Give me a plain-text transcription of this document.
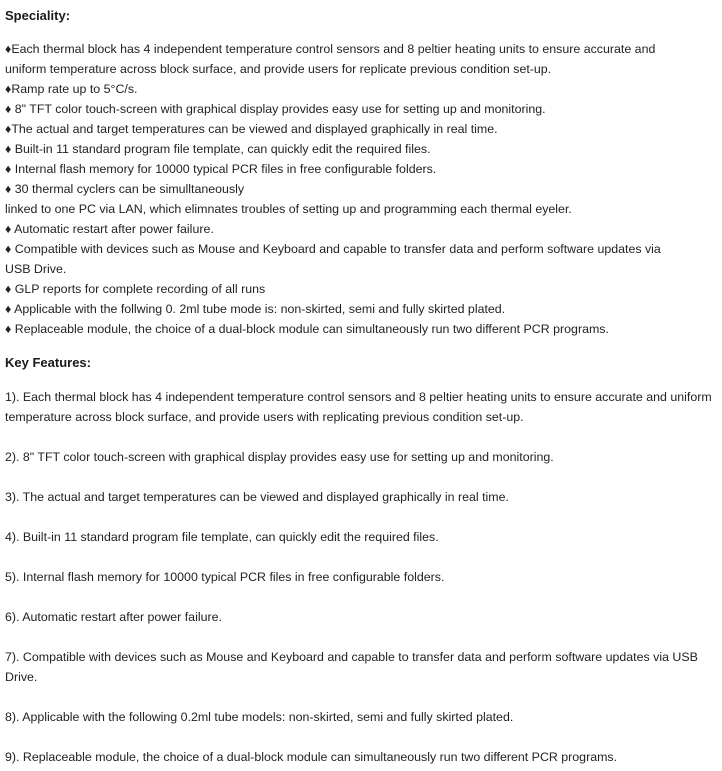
Speciality:
♦Each thermal block has 4 independent temperature control sensors and 8 peltier heating units to ensure accurate and
uniform temperature across block surface, and provide users for replicate previous condition set-up.
♦Ramp rate up to 5°C/s.
♦ 8" TFT color touch-screen with graphical display provides easy use for setting up and monitoring.
♦The actual and target temperatures can be viewed and displayed graphically in real time.
♦ Built-in 11 standard program file template, can quickly edit the required files.
♦ Internal flash memory for 10000 typical PCR files in free configurable folders.
♦ 30 thermal cyclers can be simulltaneously
linked to one PC via LAN, which elimnates troubles of setting up and programming each thermal eyeler.
♦ Automatic restart after power failure.
♦ Compatible with devices such as Mouse and Keyboard and capable to transfer data and perform software updates via
USB Drive.
♦ GLP reports for complete recording of all runs
♦ Applicable with the follwing 0. 2ml tube mode is: non-skirted, semi and fully skirted plated.
♦ Replaceable module, the choice of a dual-block module can simultaneously run two different PCR programs.
Key Features:
1). Each thermal block has 4 independent temperature control sensors and 8 peltier heating units to ensure accurate and uniform temperature across block surface, and provide users with replicating previous condition set-up.
2). 8" TFT color touch-screen with graphical display provides easy use for setting up and monitoring.
3). The actual and target temperatures can be viewed and displayed graphically in real time.
4). Built-in 11 standard program file template, can quickly edit the required files.
5). Internal flash memory for 10000 typical PCR files in free configurable folders.
6). Automatic restart after power failure.
7). Compatible with devices such as Mouse and Keyboard and capable to transfer data and perform software updates via USB Drive.
8). Applicable with the following 0.2ml tube models: non-skirted, semi and fully skirted plated.
9). Replaceable module, the choice of a dual-block module can simultaneously run two different PCR programs.
